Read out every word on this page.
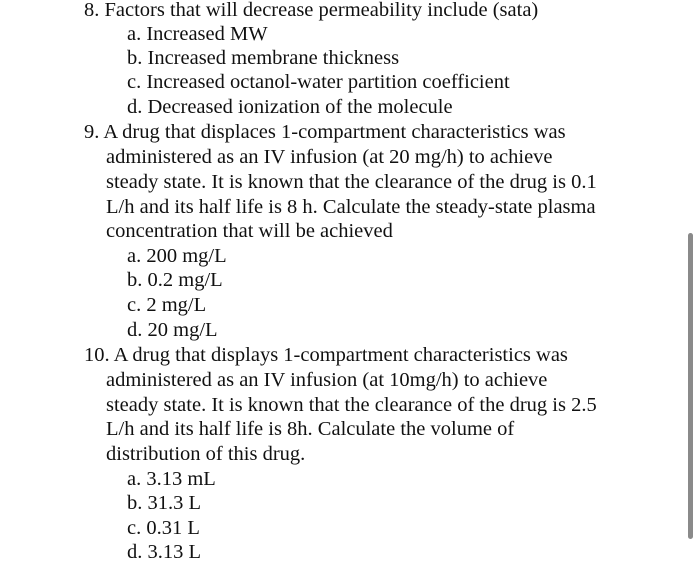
8. Factors that will decrease permeability include (sata)
a. Increased MW
b. Increased membrane thickness
c. Increased octanol-water partition coefficient
d. Decreased ionization of the molecule
9. A drug that displaces 1-compartment characteristics was
administered as an IV infusion (at 20 mg/h) to achieve
steady state. It is known that the clearance of the drug is 0.1
L/h and its half life is 8 h. Calculate the steady-state plasma
concentration that will be achieved
a. 200 mg/L
b. 0.2 mg/L
c. 2 mg/L
d. 20 mg/L
10. A drug that displays 1-compartment characteristics was
administered as an IV infusion (at 10mg/h) to achieve
steady state. It is known that the clearance of the drug is 2.5
L/h and its half life is 8h. Calculate the volume of
distribution of this drug.
a. 3.13 mL
b. 31.3 L
c. 0.31 L
d. 3.13 L
